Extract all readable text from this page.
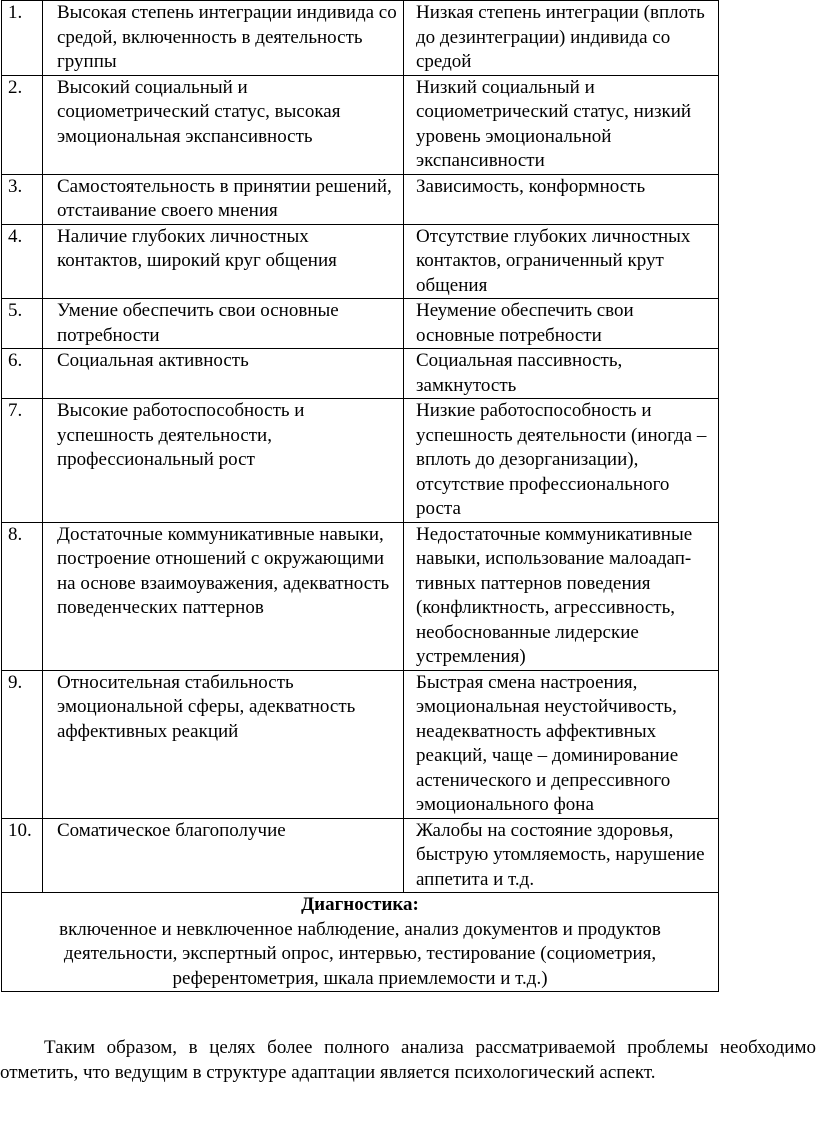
1.	Высокая степень интеграции индивида со средой, включенность в деятельность группы	Низкая степень интеграции (вплоть до дезинтеграции) индивида со средой
2.	Высокий социальный и социометрический статус, высокая эмоциональная экспансивность	Низкий социальный и социометрический статус, низкий уровень эмоциональной экспансивности
3.	Самостоятельность в принятии решений, отстаивание своего мнения	Зависимость, конформность
4.	Наличие глубоких личностных контактов, широкий круг общения	Отсутствие глубоких личностных контактов, ограниченный крут общения
5.	Умение обеспечить свои основные потребности	Неумение обеспечить свои основные потребности
6.	Социальная активность	Социальная пассивность, замкнутость
7.	Высокие работоспособность и успешность деятельности, профессиональный рост	Низкие работоспособность и успешность деятельности (иногда – вплоть до дезорганизации), отсутствие профессионального роста
8.	Достаточные коммуникативные навыки, построение отношений с окружающими на основе взаимоуважения, адекватность поведенческих паттернов	Недостаточные коммуникативные навыки, использование малоадаптивных паттернов поведения (конфликтность, агрессивность, необоснованные лидерские устремления)
9.	Относительная стабильность эмоциональной сферы, адекватность аффективных реакций	Быстрая смена настроения, эмоциональная неустойчивость, неадекватность аффективных реакций, чаще – доминирование астенического и депрессивного эмоционального фона
10.	Соматическое благополучие	Жалобы на состояние здоровья, быструю утомляемость, нарушение аппетита и т.д.

Диагностика:
включенное и невключенное наблюдение, анализ документов и продуктов деятельности, экспертный опрос, интервью, тестирование (социометрия, референтометрия, шкала приемлемости и т.д.)		

Таким образом, в целях более полного анализа рассматриваемой проблемы необходимо отметить, что ведущим в структуре адаптации является психологический аспект.
